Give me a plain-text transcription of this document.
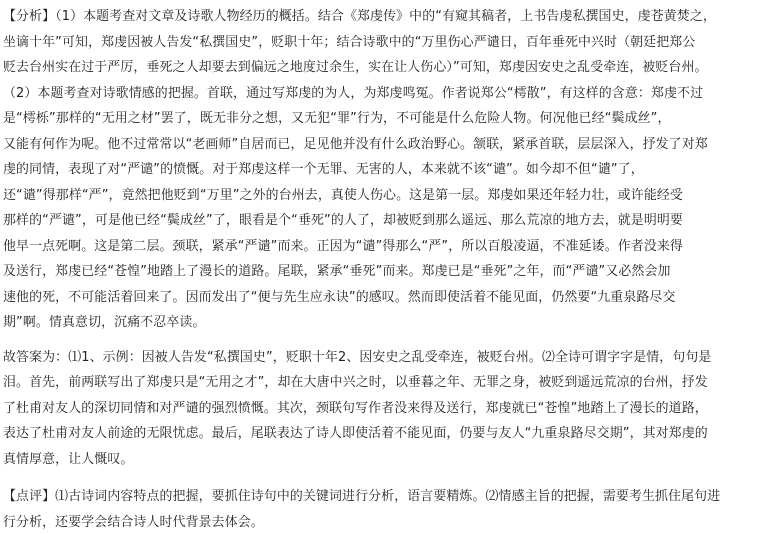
【分析】（1）本题考查对文章及诗歌人物经历的概括。结合《郑虔传》中的“有窥其稿者，上书告虔私撰国史，虔苍黄焚之，
坐谪十年”可知，郑虔因被人告发“私撰国史”，贬职十年；结合诗歌中的“万里伤心严谴日，百年垂死中兴时（朝廷把郑公
贬去台州实在过于严厉，垂死之人却要去到偏远之地度过余生，实在让人伤心）”可知，郑虔因安史之乱受牵连，被贬台州。
（2）本题考查对诗歌情感的把握。首联，通过写郑虔的为人，为郑虔鸣冤。作者说郑公“樗散”，有这样的含意：郑虔不过
是“樗栎”那样的“无用之材”罢了，既无非分之想，又无犯“罪”行为，不可能是什么危险人物。何况他已经“鬓成丝”，
又能有何作为呢。他不过常常以“老画师”自居而已，足见他并没有什么政治野心。颔联，紧承首联，层层深入，抒发了对郑
虔的同情，表现了对“严谴”的愤慨。对于郑虔这样一个无罪、无害的人，本来就不该“谴”。如今却不但“谴”了，
还“谴”得那样“严”，竟然把他贬到“万里”之外的台州去，真使人伤心。这是第一层。郑虔如果还年轻力壮，或许能经受
那样的“严谴”，可是他已经“鬓成丝”了，眼看是个“垂死”的人了，却被贬到那么遥远、那么荒凉的地方去，就是明明要
他早一点死啊。这是第二层。颈联，紧承“严谴”而来。正因为“谴”得那么“严”，所以百般凌逼，不准延诿。作者没来得
及送行，郑虔已经“苍惶”地踏上了漫长的道路。尾联，紧承“垂死”而来。郑虔已是“垂死”之年，而“严谴”又必然会加
速他的死，不可能活着回来了。因而发出了“便与先生应永诀”的感叹。然而即使活着不能见面，仍然要“九重泉路尽交
期”啊。情真意切，沉痛不忍卒读。
故答案为：⑴1、示例：因被人告发“私撰国史”，贬职十年2、因安史之乱受牵连，被贬台州。⑵全诗可谓字字是情，句句是
泪。首先，前两联写出了郑虔只是“无用之才”，却在大唐中兴之时，以垂暮之年、无罪之身，被贬到遥远荒凉的台州，抒发
了杜甫对友人的深切同情和对严谴的强烈愤慨。其次，颈联句写作者没来得及送行，郑虔就已“苍惶”地踏上了漫长的道路，
表达了杜甫对友人前途的无限忧虑。最后，尾联表达了诗人即使活着不能见面，仍要与友人“九重泉路尽交期”，其对郑虔的
真情厚意，让人慨叹。
【点评】⑴古诗词内容特点的把握，要抓住诗句中的关键词进行分析，语言要精炼。⑵情感主旨的把握，需要考生抓住尾句进
行分析，还要学会结合诗人时代背景去体会。
